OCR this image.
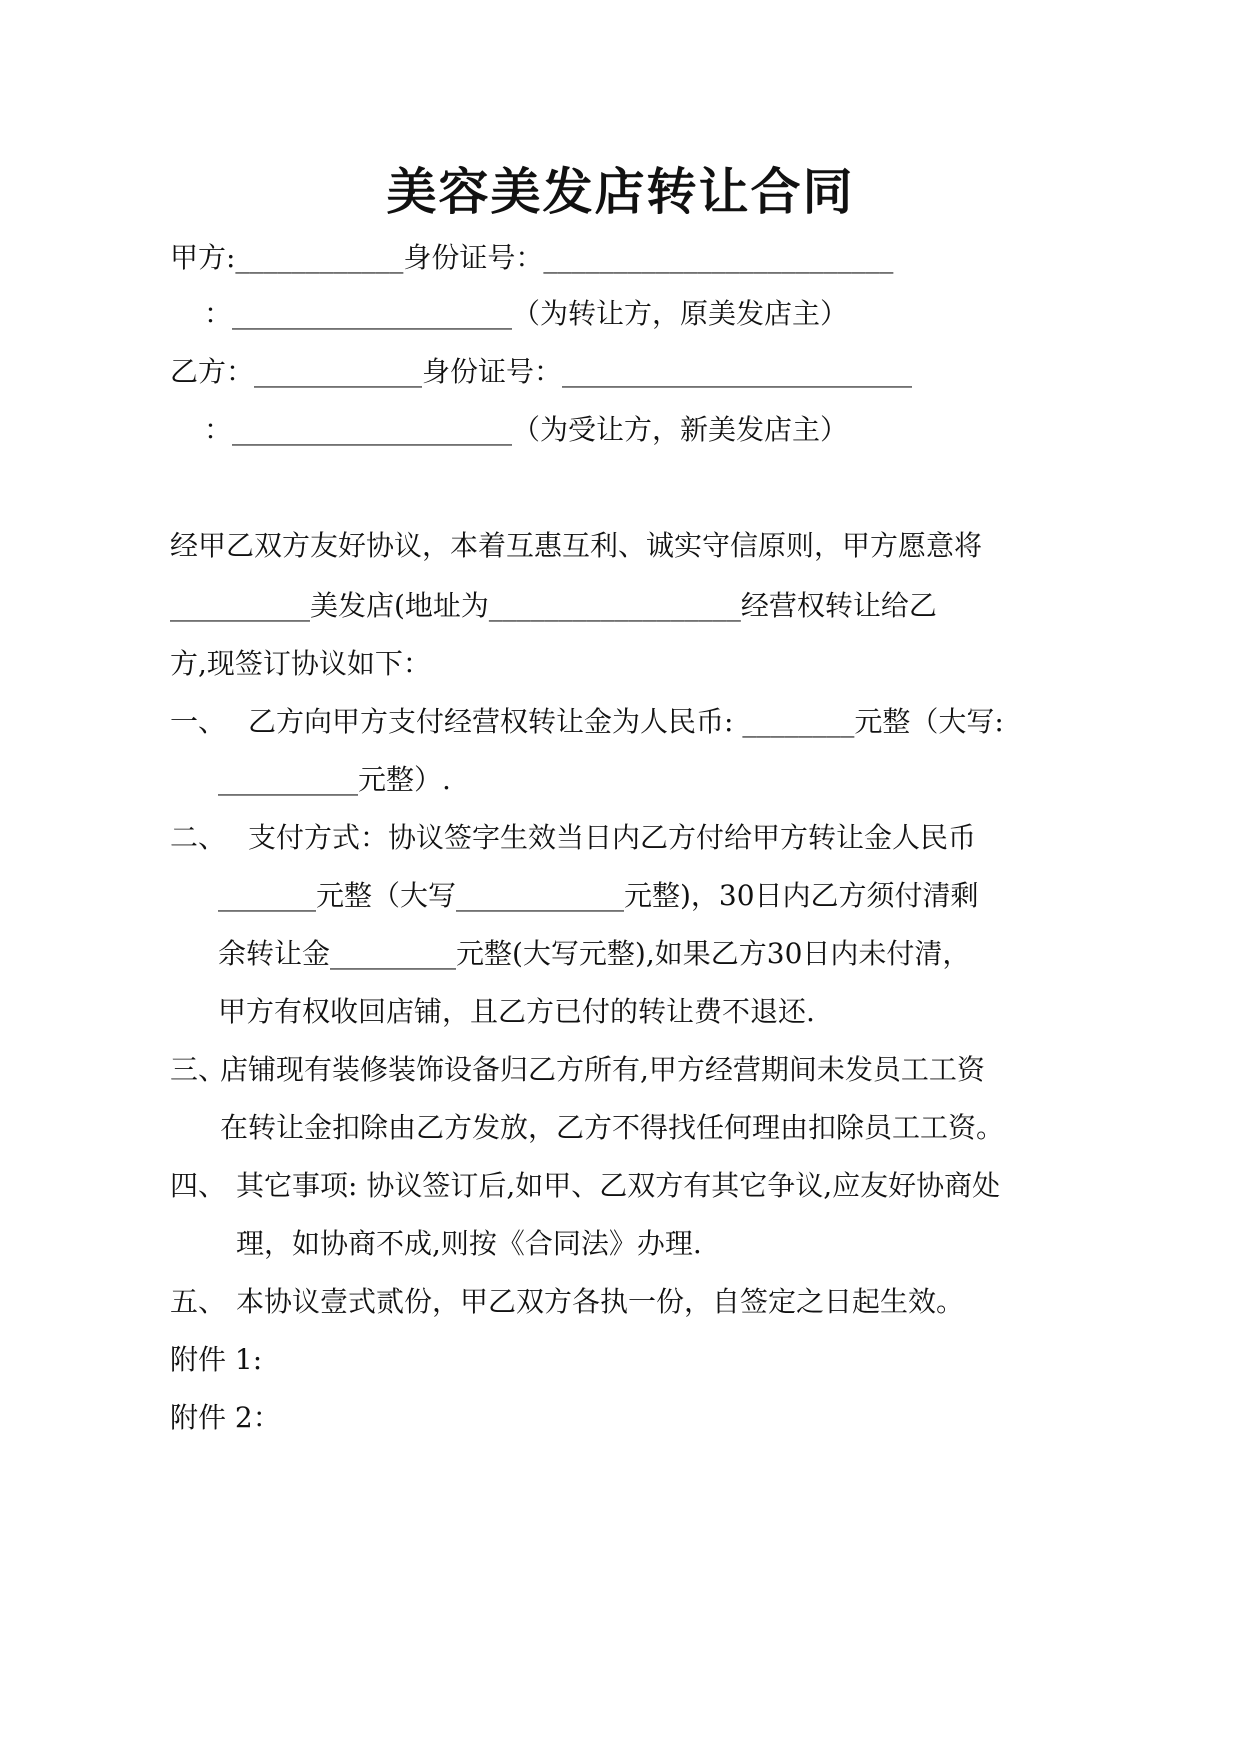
美容美发店转让合同
甲方:____________身份证号：_________________________
：____________________（为转让方，原美发店主）
乙方：____________身份证号：_________________________
：____________________（为受让方，新美发店主）
经甲乙双方友好协议，本着互惠互利、诚实守信原则，甲方愿意将
__________美发店(地址为__________________经营权转让给乙
方,现签订协议如下：
一、 乙方向甲方支付经营权转让金为人民币: ________元整（大写:
__________元整）.
二、 支付方式：协议签字生效当日内乙方付给甲方转让金人民币
_______元整（大写____________元整)，30日内乙方须付清剩
余转让金_________元整(大写元整),如果乙方30日内未付清，
甲方有权收回店铺，且乙方已付的转让费不退还.
三、
店铺现有装修装饰设备归乙方所有,甲方经营期间未发员工工资
在转让金扣除由乙方发放，乙方不得找任何理由扣除员工工资。
四、 其它事项: 协议签订后,如甲、乙双方有其它争议,应友好协商处
理，如协商不成,则按《合同法》办理.
五、 本协议壹式贰份，甲乙双方各执一份，自签定之日起生效。
附件 1:
附件 2：
